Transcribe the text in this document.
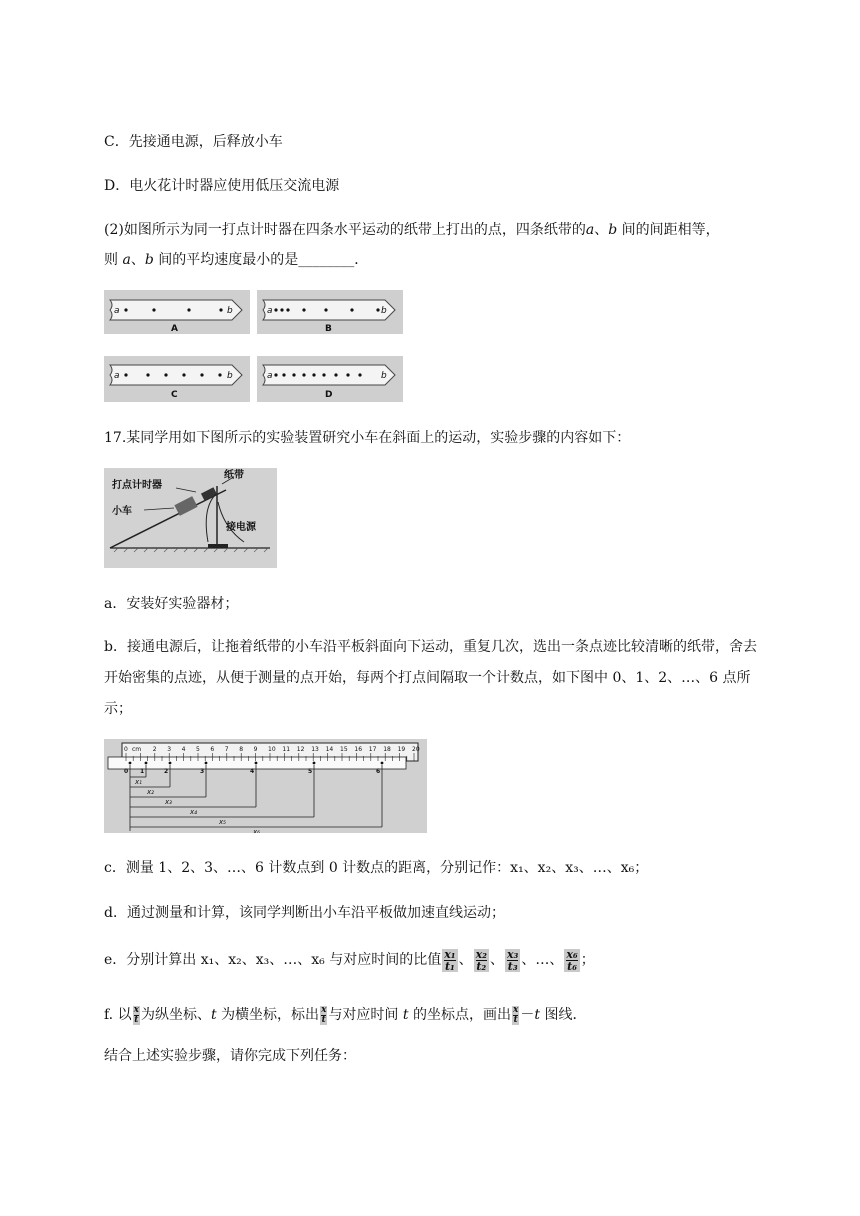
C．先接通电源，后释放小车
D．电火花计时器应使用低压交流电源
(2)如图所示为同一打点计时器在四条水平运动的纸带上打出的点，四条纸带的a、b 间的间距相等，
则 a、b 间的平均速度最小的是________．
a	b	a	b
a	b	a	b
A	B
C	D
17.某同学用如下图所示的实验装置研究小车在斜面上的运动，实验步骤的内容如下：
打点计时器
纸带
小车
接电源
a．安装好实验器材；
b．接通电源后，让拖着纸带的小车沿平板斜面向下运动，重复几次，选出一条点迹比较清晰的纸带，舍去开始密集的点迹，从便于测量的点开始，每两个打点间隔取一个计数点，如下图中 0、1、2、…、6 点所示；
0	2 3 4 5 6 7 8 9 10 11 12 13 14 15 16 17 18 19 20
0 1	2	3	4	5	6
x₁
x₂
x₃
x₄
x₅
x₆
cm
c．测量 1、2、3、…、6 计数点到 0 计数点的距离，分别记作：x₁、x₂、x₃、…、x₆；
d．通过测量和计算，该同学判断出小车沿平板做加速直线运动；
e．分别计算出 x₁、x₂、x₃、…、x₆ 与对应时间的比值 $\frac{\text{x₁}}{\text{t₁}}$ 、 $\frac{\text{x₂}}{\text{t₂}}$ 、 $\frac{\text{x₃}}{\text{t₃}}$ 、…、 $\frac{\text{x₆}}{\text{t₆}}$ ；
f. 以 $\frac{x}{t}$ 为纵坐标、t 为横坐标，标出 $\frac{x}{t}$ 与对应时间 t 的坐标点，画出 $\frac{x}{t} -t$ 图线．
结合上述实验步骤，请你完成下列任务：
